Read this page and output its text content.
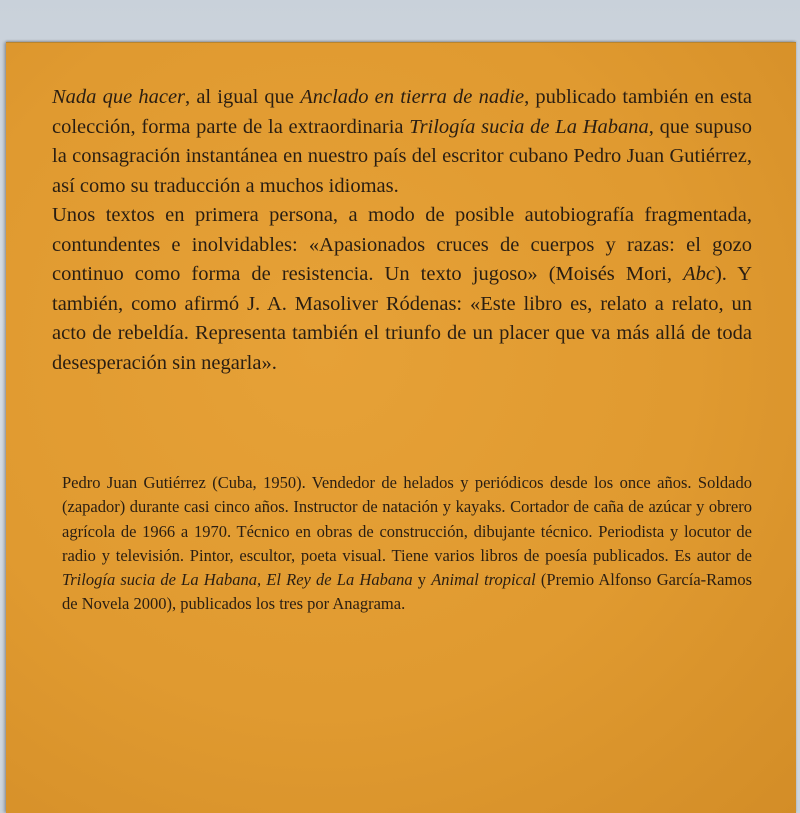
Nada que hacer, al igual que Anclado en tierra de nadie, publicado también en esta colección, forma parte de la extraordinaria Trilogía sucia de La Habana, que supuso la consagración instantánea en nuestro país del escritor cubano Pedro Juan Gutiérrez, así como su traducción a muchos idiomas.

Unos textos en primera persona, a modo de posible autobiografía fragmentada, contundentes e inolvidables: «Apasionados cruces de cuerpos y razas: el gozo continuo como forma de resistencia. Un texto jugoso» (Moisés Mori, Abc). Y también, como afirmó J. A. Masoliver Ródenas: «Este libro es, relato a relato, un acto de rebeldía. Representa también el triunfo de un placer que va más allá de toda desesperación sin negarla».

Pedro Juan Gutiérrez (Cuba, 1950). Vendedor de helados y periódicos desde los once años. Soldado (zapador) durante casi cinco años. Instructor de natación y kayaks. Cortador de caña de azúcar y obrero agrícola de 1966 a 1970. Técnico en obras de construcción, dibujante técnico. Periodista y locutor de radio y televisión. Pintor, escultor, poeta visual. Tiene varios libros de poesía publicados. Es autor de Trilogía sucia de La Habana, El Rey de La Habana y Animal tropical (Premio Alfonso García-Ramos de Novela 2000), publicados los tres por Anagrama.
